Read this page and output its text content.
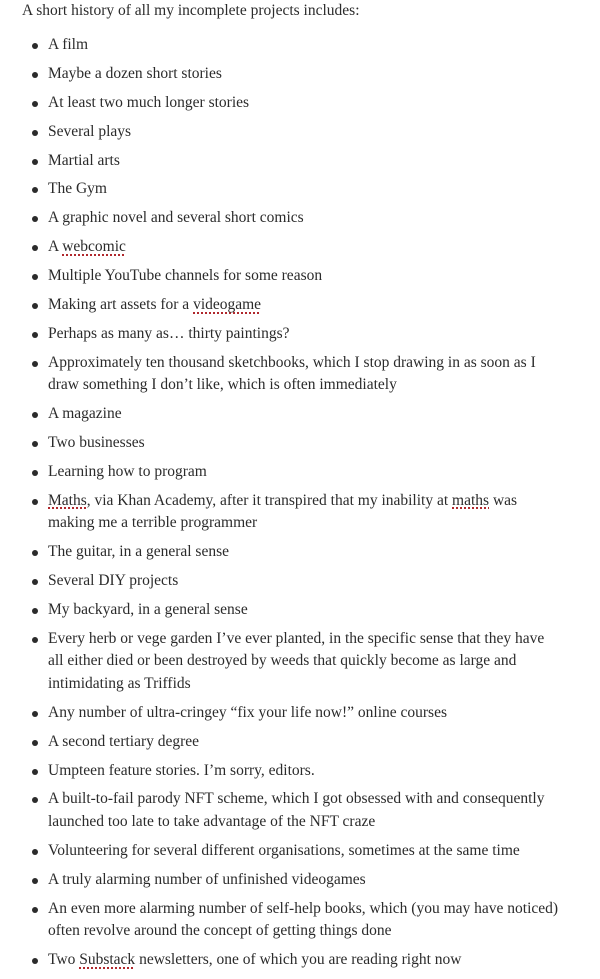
A short history of all my incomplete projects includes:

A film
Maybe a dozen short stories
At least two much longer stories
Several plays
Martial arts
The Gym
A graphic novel and several short comics
A webcomic
Multiple YouTube channels for some reason
Making art assets for a videogame
Perhaps as many as… thirty paintings?
Approximately ten thousand sketchbooks, which I stop drawing in as soon as I draw something I don’t like, which is often immediately
A magazine
Two businesses
Learning how to program
Maths, via Khan Academy, after it transpired that my inability at maths was making me a terrible programmer
The guitar, in a general sense
Several DIY projects
My backyard, in a general sense
Every herb or vege garden I’ve ever planted, in the specific sense that they have all either died or been destroyed by weeds that quickly become as large and intimidating as Triffids
Any number of ultra-cringey “fix your life now!” online courses
A second tertiary degree
Umpteen feature stories. I’m sorry, editors.
A built-to-fail parody NFT scheme, which I got obsessed with and consequently launched too late to take advantage of the NFT craze
Volunteering for several different organisations, sometimes at the same time
A truly alarming number of unfinished videogames
An even more alarming number of self-help books, which (you may have noticed) often revolve around the concept of getting things done
Two Substack newsletters, one of which you are reading right now
